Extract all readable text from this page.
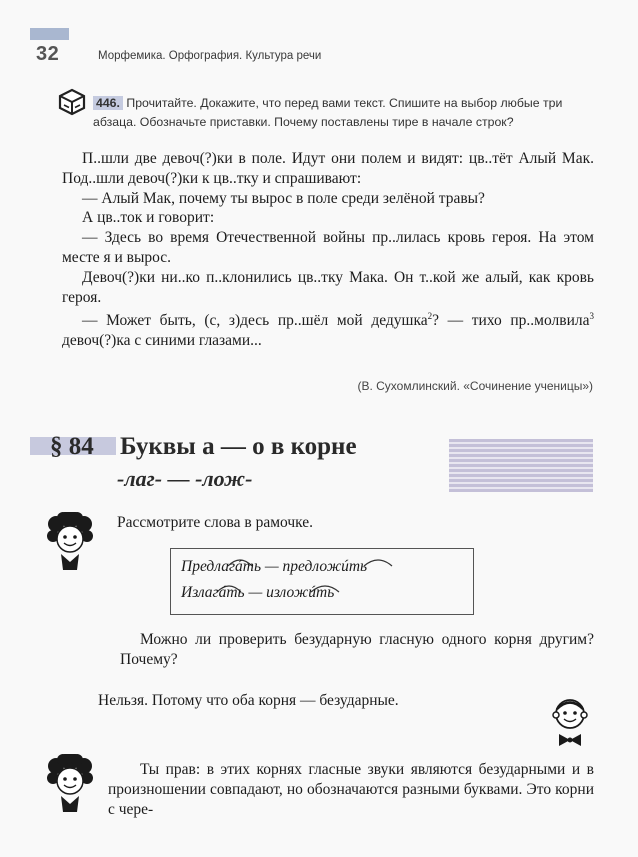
32	Морфемика. Орфография. Культура речи
446. Прочитайте. Докажите, что перед вами текст. Спишите на выбор любые три абзаца. Обозначьте приставки. Почему поставлены тире в начале строк?

П..шли две девоч(?)ки в поле. Идут они полем и видят: цв..тёт Алый Мак. Под..шли девоч(?)ки к цв..тку и спрашивают:

— Алый Мак, почему ты вырос в поле среди зелёной травы?

А цв..ток и говорит:

— Здесь во время Отечественной войны пр..лилась кровь героя. На этом месте я и вырос.

Девоч(?)ки ни..ко п..клонились цв..тку Мака. Он т..кой же алый, как кровь героя.

— Может быть, (с, з)десь пр..шёл мой дедушка$^2$? — тихо пр..молвила$^3$ девоч(?)ка с синими глазами...

(В. Сухомлинский. «Сочинение ученицы»)
§ 84 Буквы а — о в корне
-лаг- — -лож-
Рассмотрите слова в рамочке.
Предлагáть — предложúть
Излагáть — изложúть
Можно ли проверить безударную гласную одного корня другим? Почему?
Нельзя. Потому что оба корня — безударные.
Ты прав: в этих корнях гласные звуки являются безударными и в произношении совпадают, но обозначаются разными буквами. Это корни с чере-
